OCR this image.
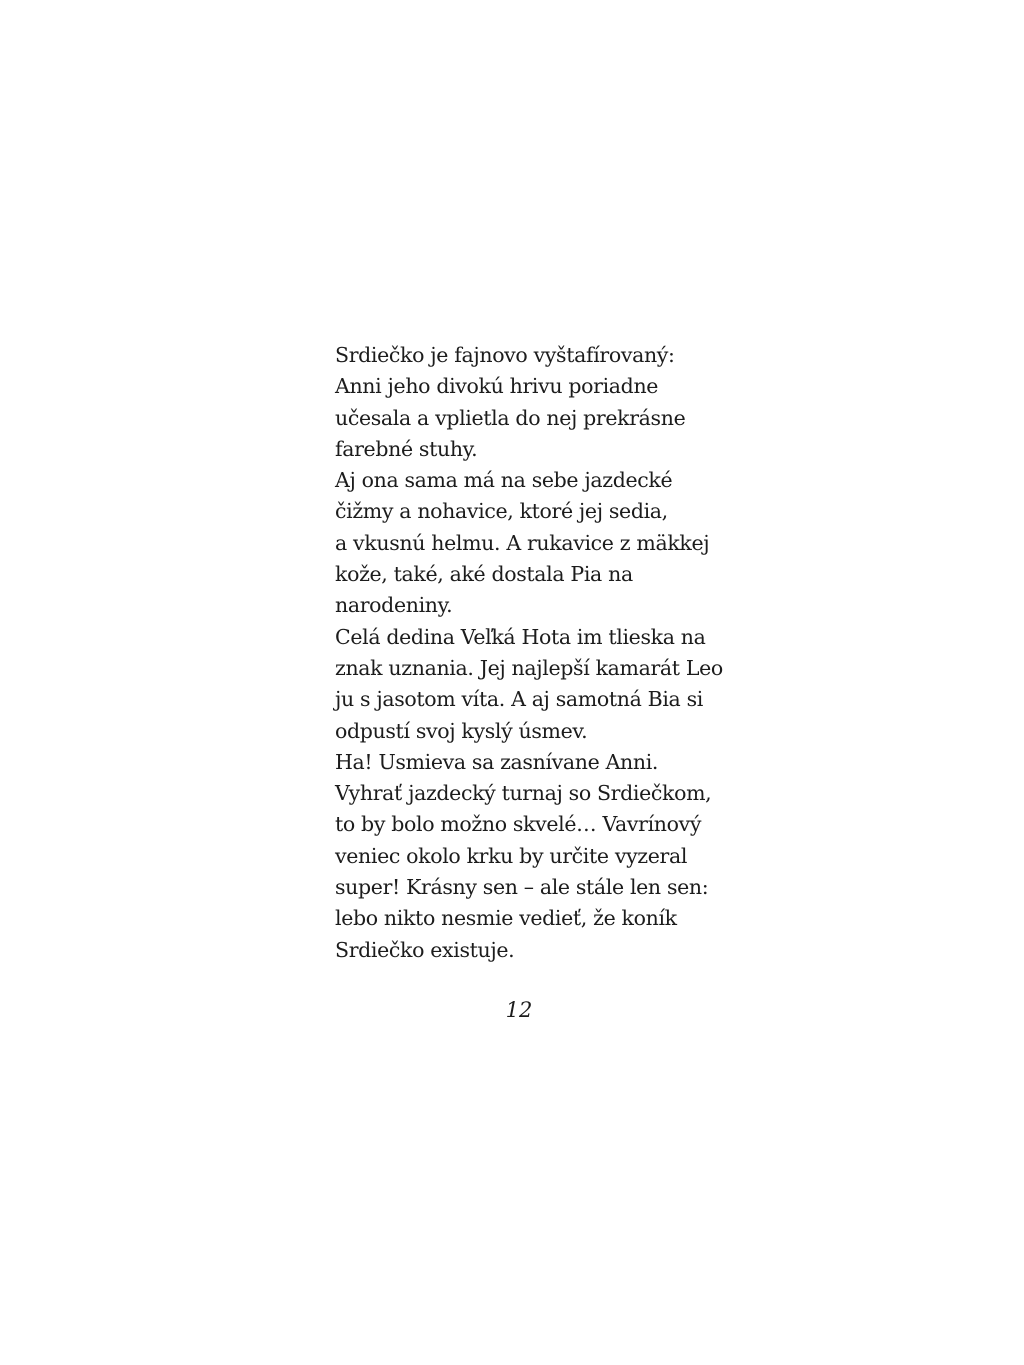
Srdiečko je fajnovo vyštafírovaný:
Anni jeho divokú hrivu poriadne
učesala a vplietla do nej prekrásne
farebné stuhy.
Aj ona sama má na sebe jazdecké
čižmy a nohavice, ktoré jej sedia,
a vkusnú helmu. A rukavice z mäkkej
kože, také, aké dostala Pia na
narodeniny.
Celá dedina Veľká Hota im tlieska na
znak uznania. Jej najlepší kamarát Leo
ju s jasotom víta. A aj samotná Bia si
odpustí svoj kyslý úsmev.
Ha! Usmieva sa zasnívane Anni.
Vyhrať jazdecký turnaj so Srdiečkom,
to by bolo možno skvelé… Vavrínový
veniec okolo krku by určite vyzeral
super! Krásny sen – ale stále len sen:
lebo nikto nesmie vedieť, že koník
Srdiečko existuje.
12
